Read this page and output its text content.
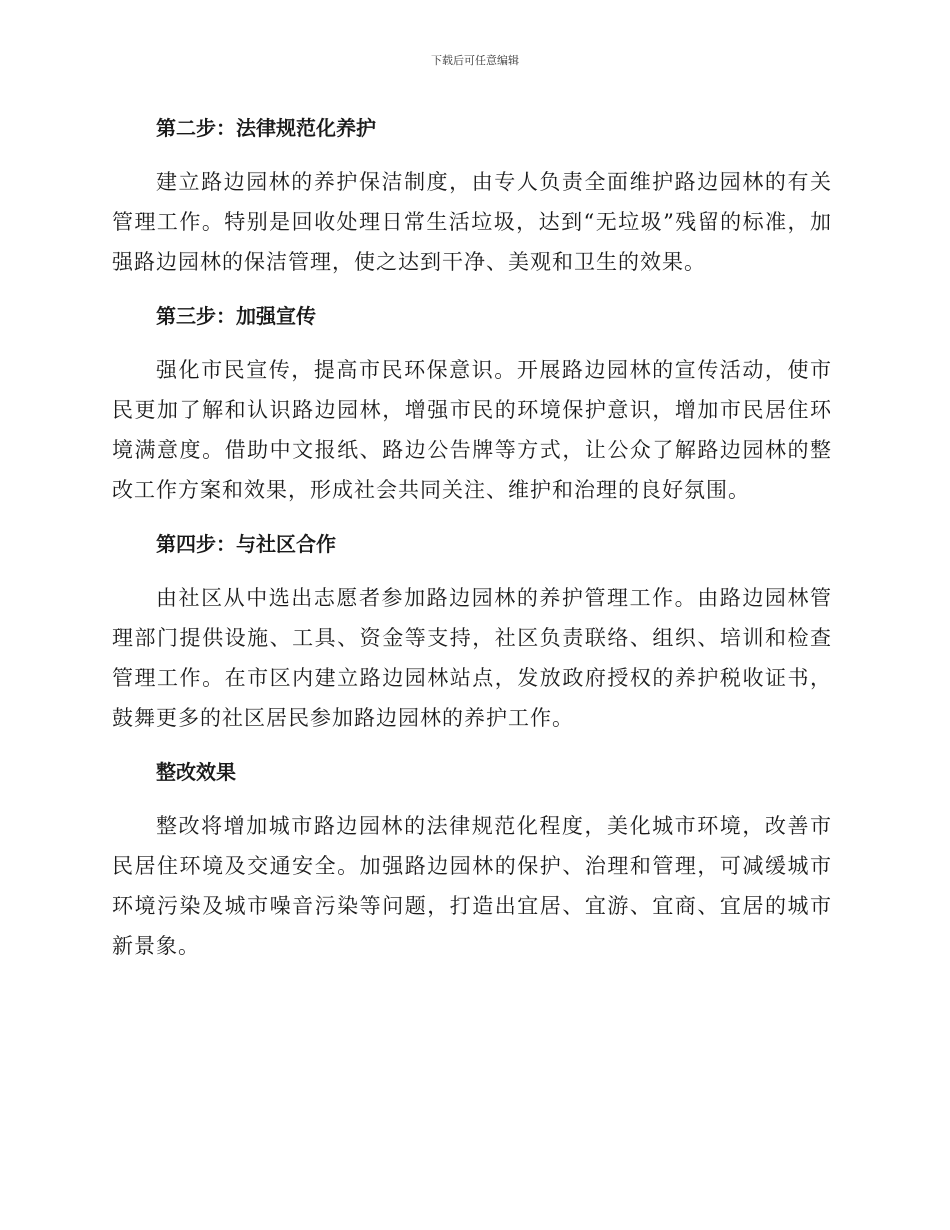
下载后可任意编辑
第二步：法律规范化养护

建立路边园林的养护保洁制度，由专人负责全面维护路边园林的有关管理工作。特别是回收处理日常生活垃圾，达到“无垃圾”残留的标准，加强路边园林的保洁管理，使之达到干净、美观和卫生的效果。

第三步：加强宣传

强化市民宣传，提高市民环保意识。开展路边园林的宣传活动，使市民更加了解和认识路边园林，增强市民的环境保护意识，增加市民居住环境满意度。借助中文报纸、路边公告牌等方式，让公众了解路边园林的整改工作方案和效果，形成社会共同关注、维护和治理的良好氛围。

第四步：与社区合作

由社区从中选出志愿者参加路边园林的养护管理工作。由路边园林管理部门提供设施、工具、资金等支持，社区负责联络、组织、培训和检查管理工作。在市区内建立路边园林站点，发放政府授权的养护税收证书，鼓舞更多的社区居民参加路边园林的养护工作。

整改效果

整改将增加城市路边园林的法律规范化程度，美化城市环境，改善市民居住环境及交通安全。加强路边园林的保护、治理和管理，可减缓城市环境污染及城市噪音污染等问题，打造出宜居、宜游、宜商、宜居的城市新景象。
